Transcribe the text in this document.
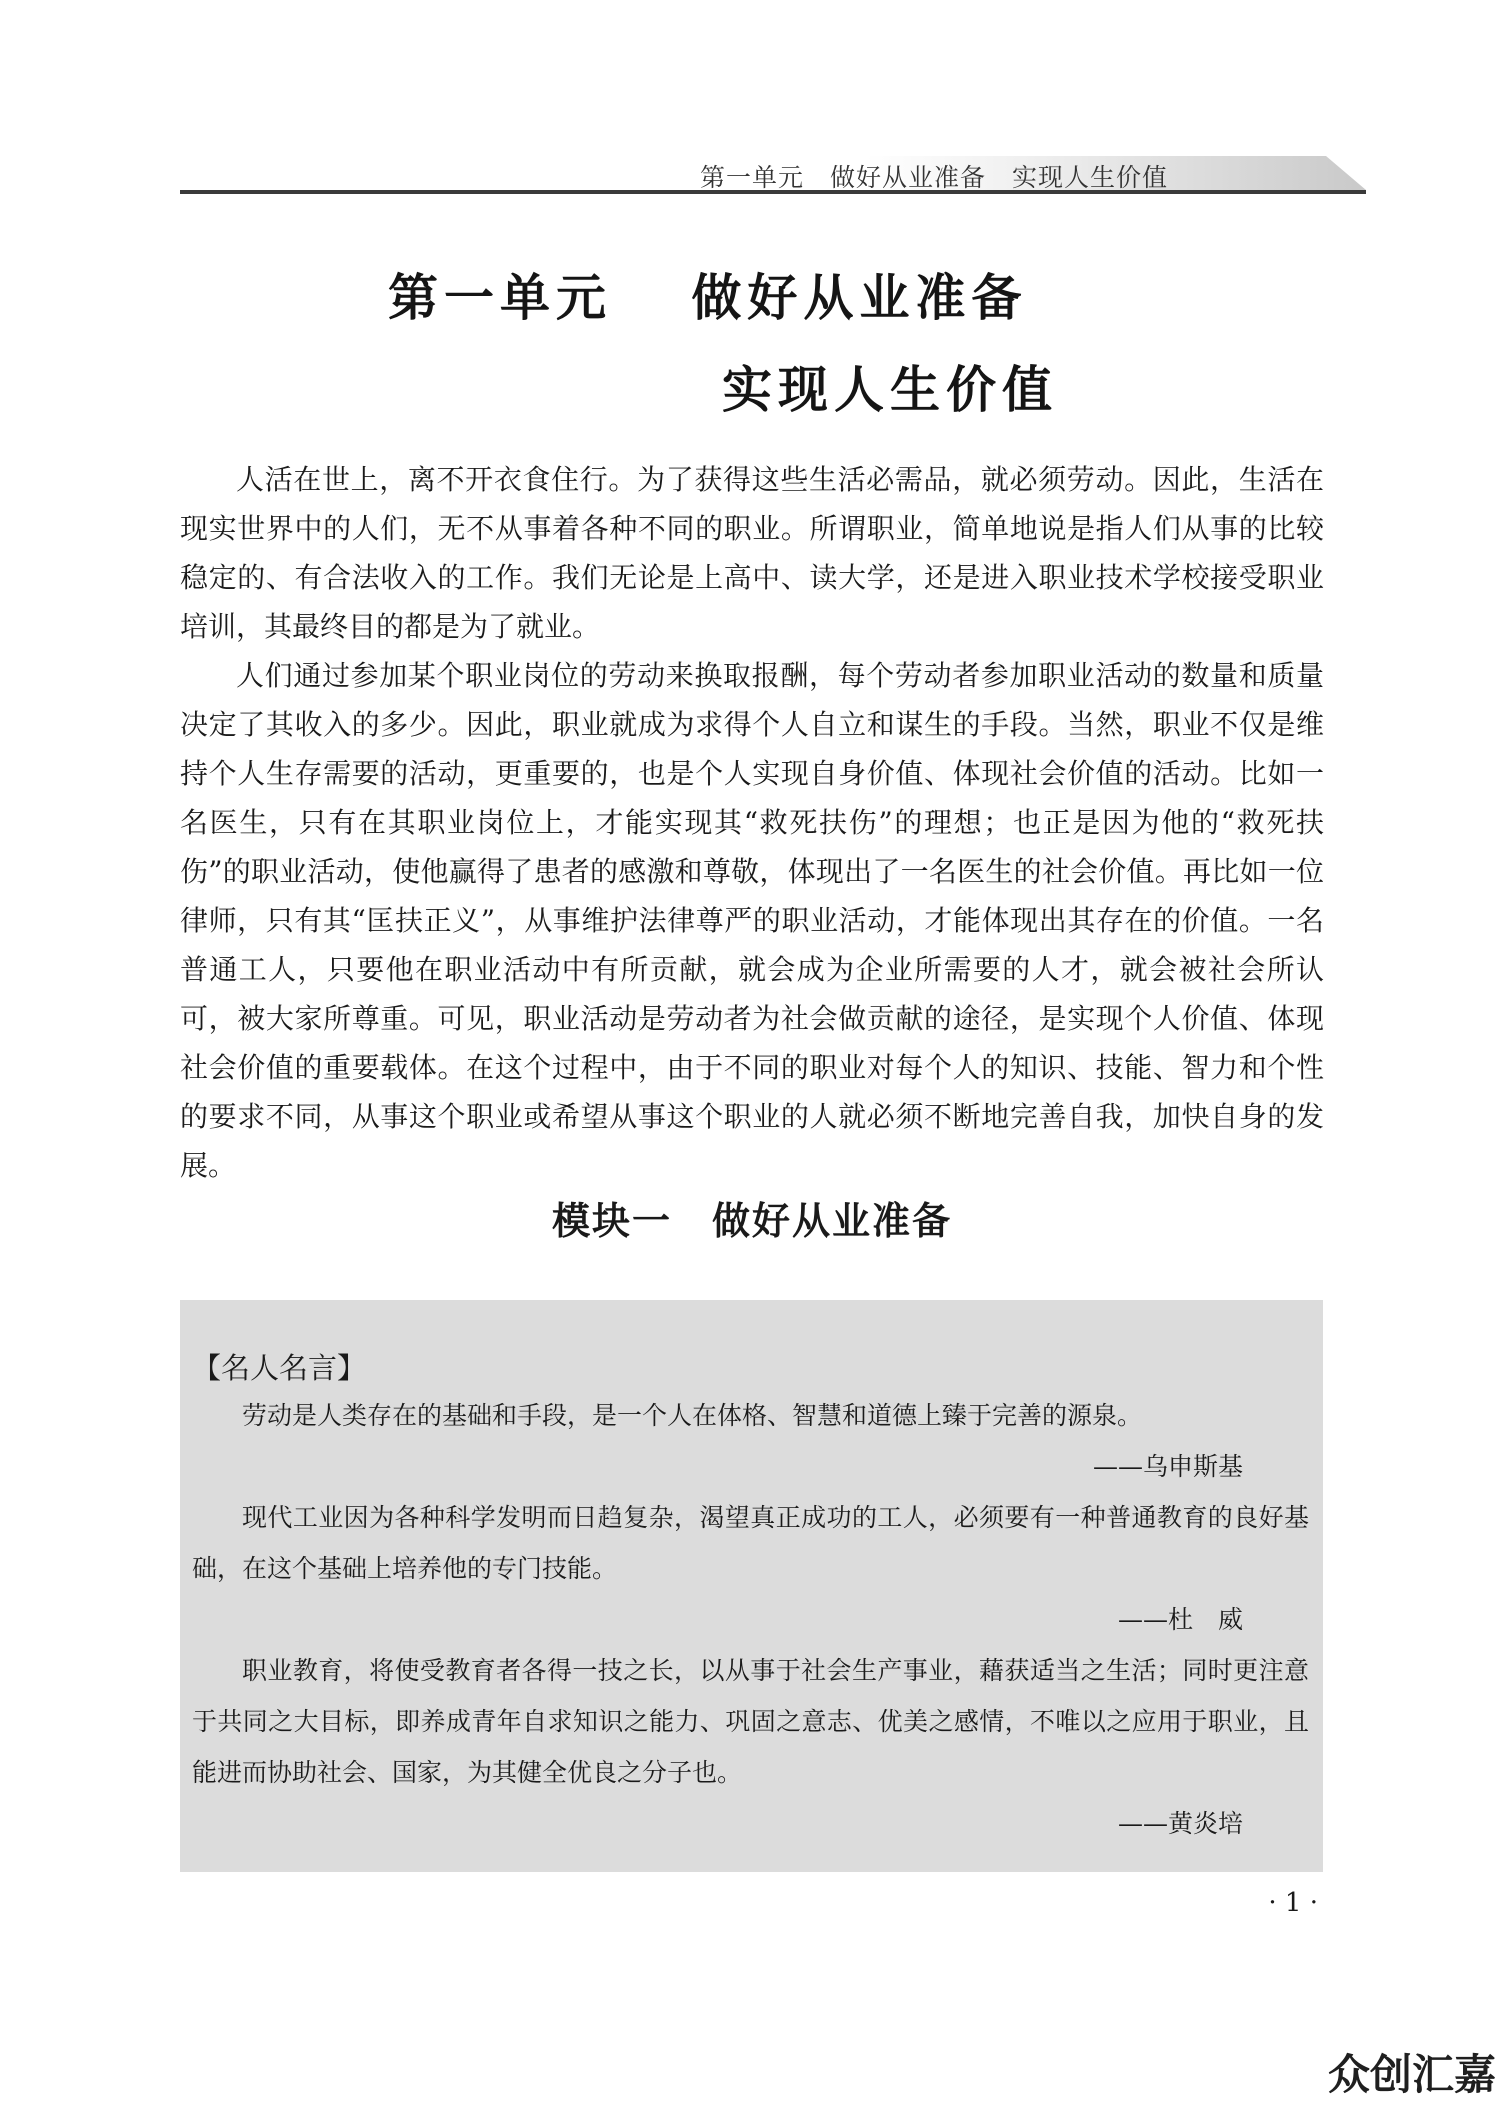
第一单元　做好从业准备　实现人生价值
第一单元　 做好从业准备
实现人生价值

人活在世上，离不开衣食住行。为了获得这些生活必需品，就必须劳动。因此，生活在现实世界中的人们，无不从事着各种不同的职业。所谓职业，简单地说是指人们从事的比较稳定的、有合法收入的工作。我们无论是上高中、读大学，还是进入职业技术学校接受职业培训，其最终目的都是为了就业。

人们通过参加某个职业岗位的劳动来换取报酬，每个劳动者参加职业活动的数量和质量决定了其收入的多少。因此，职业就成为求得个人自立和谋生的手段。当然，职业不仅是维持个人生存需要的活动，更重要的，也是个人实现自身价值、体现社会价值的活动。比如一名医生，只有在其职业岗位上，才能实现其“救死扶伤”的理想；也正是因为他的“救死扶伤”的职业活动，使他赢得了患者的感激和尊敬，体现出了一名医生的社会价值。再比如一位律师，只有其“匡扶正义”，从事维护法律尊严的职业活动，才能体现出其存在的价值。一名普通工人，只要他在职业活动中有所贡献，就会成为企业所需要的人才，就会被社会所认可，被大家所尊重。可见，职业活动是劳动者为社会做贡献的途径，是实现个人价值、体现社会价值的重要载体。在这个过程中，由于不同的职业对每个人的知识、技能、智力和个性的要求不同，从事这个职业或希望从事这个职业的人就必须不断地完善自我，加快自身的发展。

模块一　做好从业准备
【名人名言】

劳动是人类存在的基础和手段，是一个人在体格、智慧和道德上臻于完善的源泉。

——乌申斯基

现代工业因为各种科学发明而日趋复杂，渴望真正成功的工人，必须要有一种普通教育的良好基础，在这个基础上培养他的专门技能。

——杜　威

职业教育，将使受教育者各得一技之长，以从事于社会生产事业，藉获适当之生活；同时更注意于共同之大目标，即养成青年自求知识之能力、巩固之意志、优美之感情，不唯以之应用于职业，且能进而协助社会、国家，为其健全优良之分子也。

——黄炎培
· 1 ·
众创汇嘉
